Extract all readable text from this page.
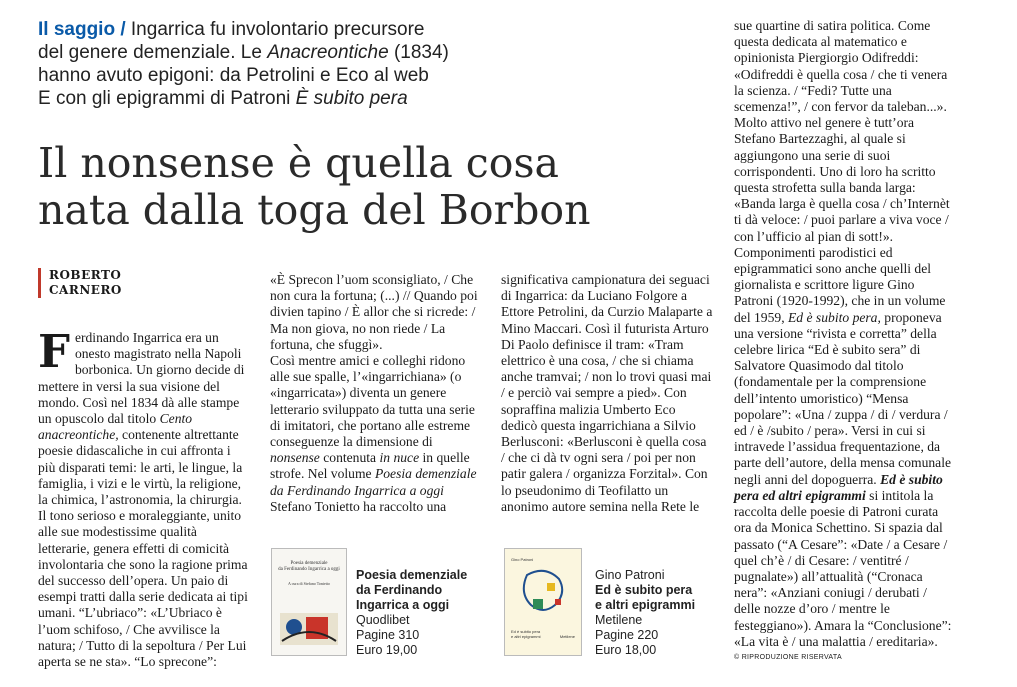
Il saggio / Ingarrica fu involontario precursore
del genere demenziale. Le Anacreontiche (1834)
hanno avuto epigoni: da Petrolini e Eco al web
E con gli epigrammi di Patroni È subito pera
Il nonsense è quella cosa
nata dalla toga del Borbon
ROBERTO
CARNERO

Ferdinando Ingarrica era un onesto magistrato nella Napoli borbonica. Un giorno decide di mettere in versi la sua visione del mondo. Così nel 1834 dà alle stampe un opuscolo dal titolo Cento anacreontiche, contenente altrettante poesie didascaliche in cui affronta i più disparati temi: le arti, le lingue, la famiglia, i vizi e le virtù, la religione, la chimica, l’astronomia, la chirurgia. Il tono serioso e moraleggiante, unito alle sue modestissime qualità letterarie, genera effetti di comicità involontaria che sono la ragione prima del successo dell’opera. Un paio di esempi tratti dalla serie dedicata ai tipi umani. “L’ubriaco”: «L’Ubriaco è l’uom schifoso, / Che avvilisce la natura; / Tutto di la sepoltura / Per Lui aperta se ne sta». “Lo sprecone”:

«È Sprecon l’uom sconsigliato, / Che non cura la fortuna; (...) // Quando poi divien tapino / È allor che si ricrede: / Ma non giova, no non riede / La fortuna, che sfuggì».

Così mentre amici e colleghi ridono alle sue spalle, l’«ingarrichiana» (o «ingarricata») diventa un genere letterario sviluppato da tutta una serie di imitatori, che portano alle estreme conseguenze la dimensione di nonsense contenuta in nuce in quelle strofe. Nel volume Poesia demenziale da Ferdinando Ingarrica a oggi Stefano Tonietto ha raccolto una

significativa campionatura dei seguaci di Ingarrica: da Luciano Folgore a Ettore Petrolini, da Curzio Malaparte a Mino Maccari. Così il futurista Arturo Di Paolo definisce il tram: «Tram elettrico è una cosa, / che si chiama anche tramvai; / non lo trovi quasi mai / e perciò vai sempre a pied». Con sopraffina malizia Umberto Eco dedicò questa ingarrichiana a Silvio Berlusconi: «Berlusconi è quella cosa / che ci dà tv ogni sera / poi per non patir galera / organizza Forzital». Con lo pseudonimo di Teofilatto un anonimo autore semina nella Rete le

sue quartine di satira politica. Come questa dedicata al matematico e opinionista Piergiorgio Odifreddi: «Odifreddi è quella cosa / che ti venera la scienza. / “Fedi? Tutte una scemenza!”, / con fervor da taleban...». Molto attivo nel genere è tutt’ora Stefano Bartezzaghi, al quale si aggiungono una serie di suoi corrispondenti. Uno di loro ha scritto questa strofetta sulla banda larga: «Banda larga è quella cosa / ch’Internèt ti dà veloce: / puoi parlare a viva voce / con l’ufficio al pian di sott!».

Componimenti parodistici ed epigrammatici sono anche quelli del giornalista e scrittore ligure Gino Patroni (1920-1992), che in un volume del 1959, Ed è subito pera, proponeva una versione “rivista e corretta” della celebre lirica “Ed è subito sera” di Salvatore Quasimodo dal titolo (fondamentale per la comprensione dell’intento umoristico) “Mensa popolare”: «Una / zuppa / di / verdura / ed / è /subito / pera». Versi in cui si intravede l’assidua frequentazione, da parte dell’autore, della mensa comunale negli anni del dopoguerra. Ed è subito pera ed altri epigrammi si intitola la raccolta delle poesie di Patroni curata ora da Monica Schettino. Si spazia dal passato (“A Cesare”: «Date / a Cesare / quel ch’è / di Cesare: / ventitré / pugnalate») all’attualità (“Cronaca nera”: «Anziani coniugi / derubati / delle nozze d’oro / mentre le festeggiano»). Amara la “Conclusione”: «La vita è / una malattia / ereditaria».

© RIPRODUZIONE RISERVATA

Poesia demenziale
da Ferdinando Ingarrica a oggi
A cura di Stefano Tonietto
Poesia demenziale
da Ferdinando
Ingarrica a oggi
Quodlibet
Pagine 310
Euro 19,00
Gino Patroni
Ed è subito pera
e altri epigrammi	Metilene
Gino Patroni
Ed è subito pera
e altri epigrammi
Metilene
Pagine 220
Euro 18,00
